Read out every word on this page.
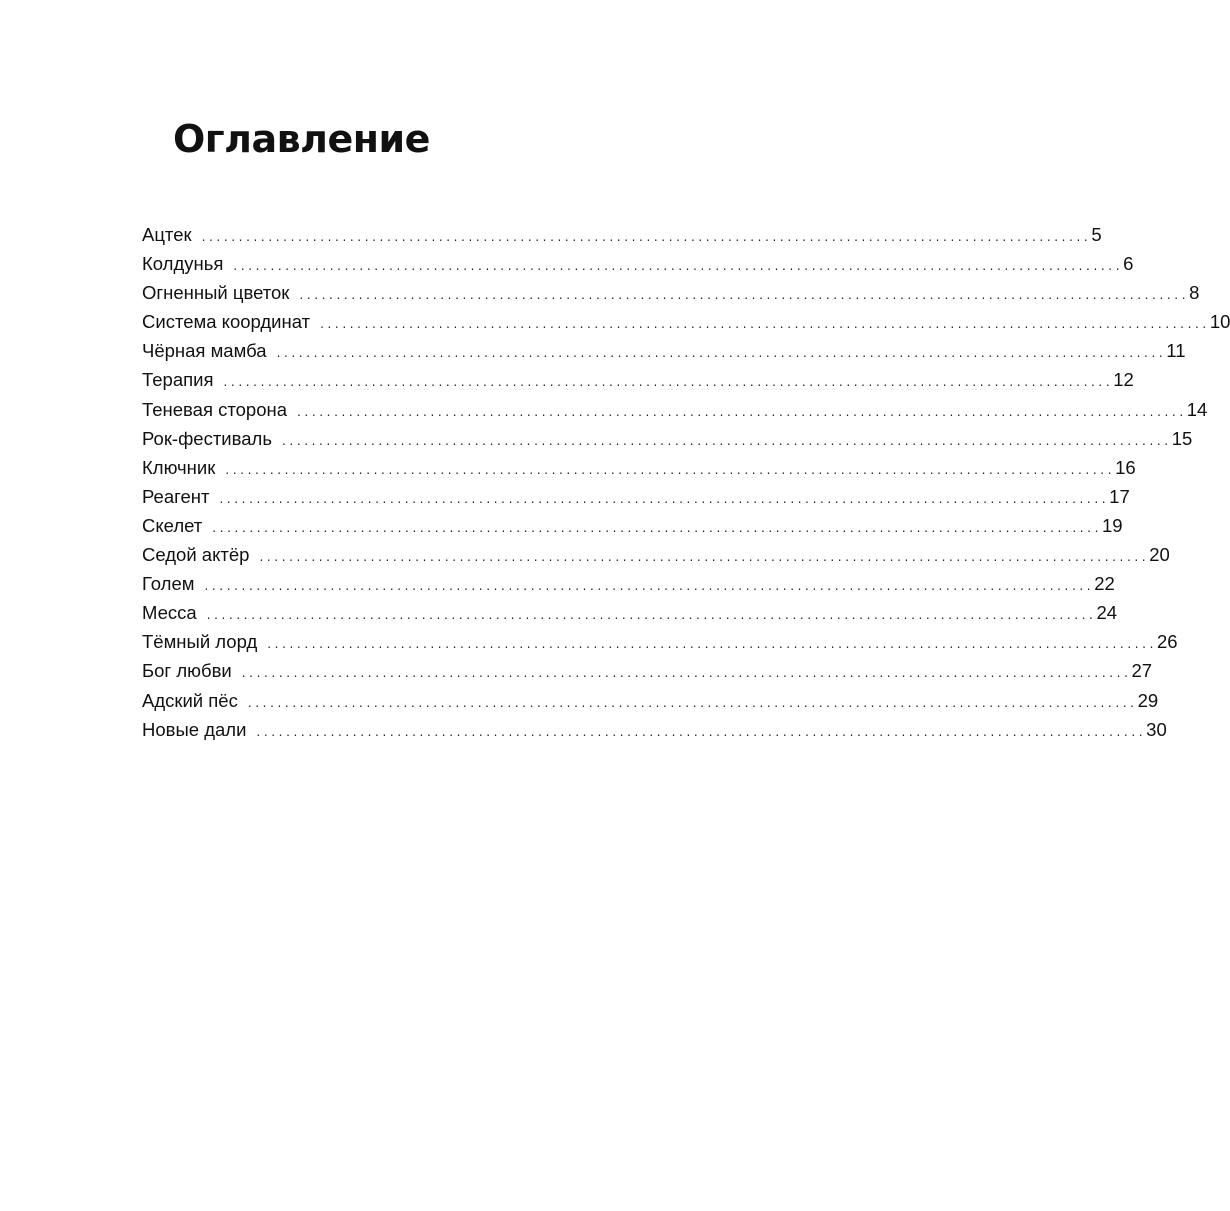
Оглавление
Ацтек ........................................................................................................................ 5
Колдунья ........................................................................................................................ 6
Огненный цветок ........................................................................................................................ 8
Система координат ........................................................................................................................ 10
Чёрная мамба ........................................................................................................................ 11
Терапия ........................................................................................................................ 12
Теневая сторона ........................................................................................................................ 14
Рок-фестиваль ........................................................................................................................ 15
Ключник ........................................................................................................................ 16
Реагент ........................................................................................................................ 17
Скелет ........................................................................................................................ 19
Седой актёр ........................................................................................................................ 20
Голем ........................................................................................................................ 22
Месса ........................................................................................................................ 24
Тёмный лорд ........................................................................................................................ 26
Бог любви ........................................................................................................................ 27
Адский пёс ........................................................................................................................ 29
Новые дали ........................................................................................................................ 30
